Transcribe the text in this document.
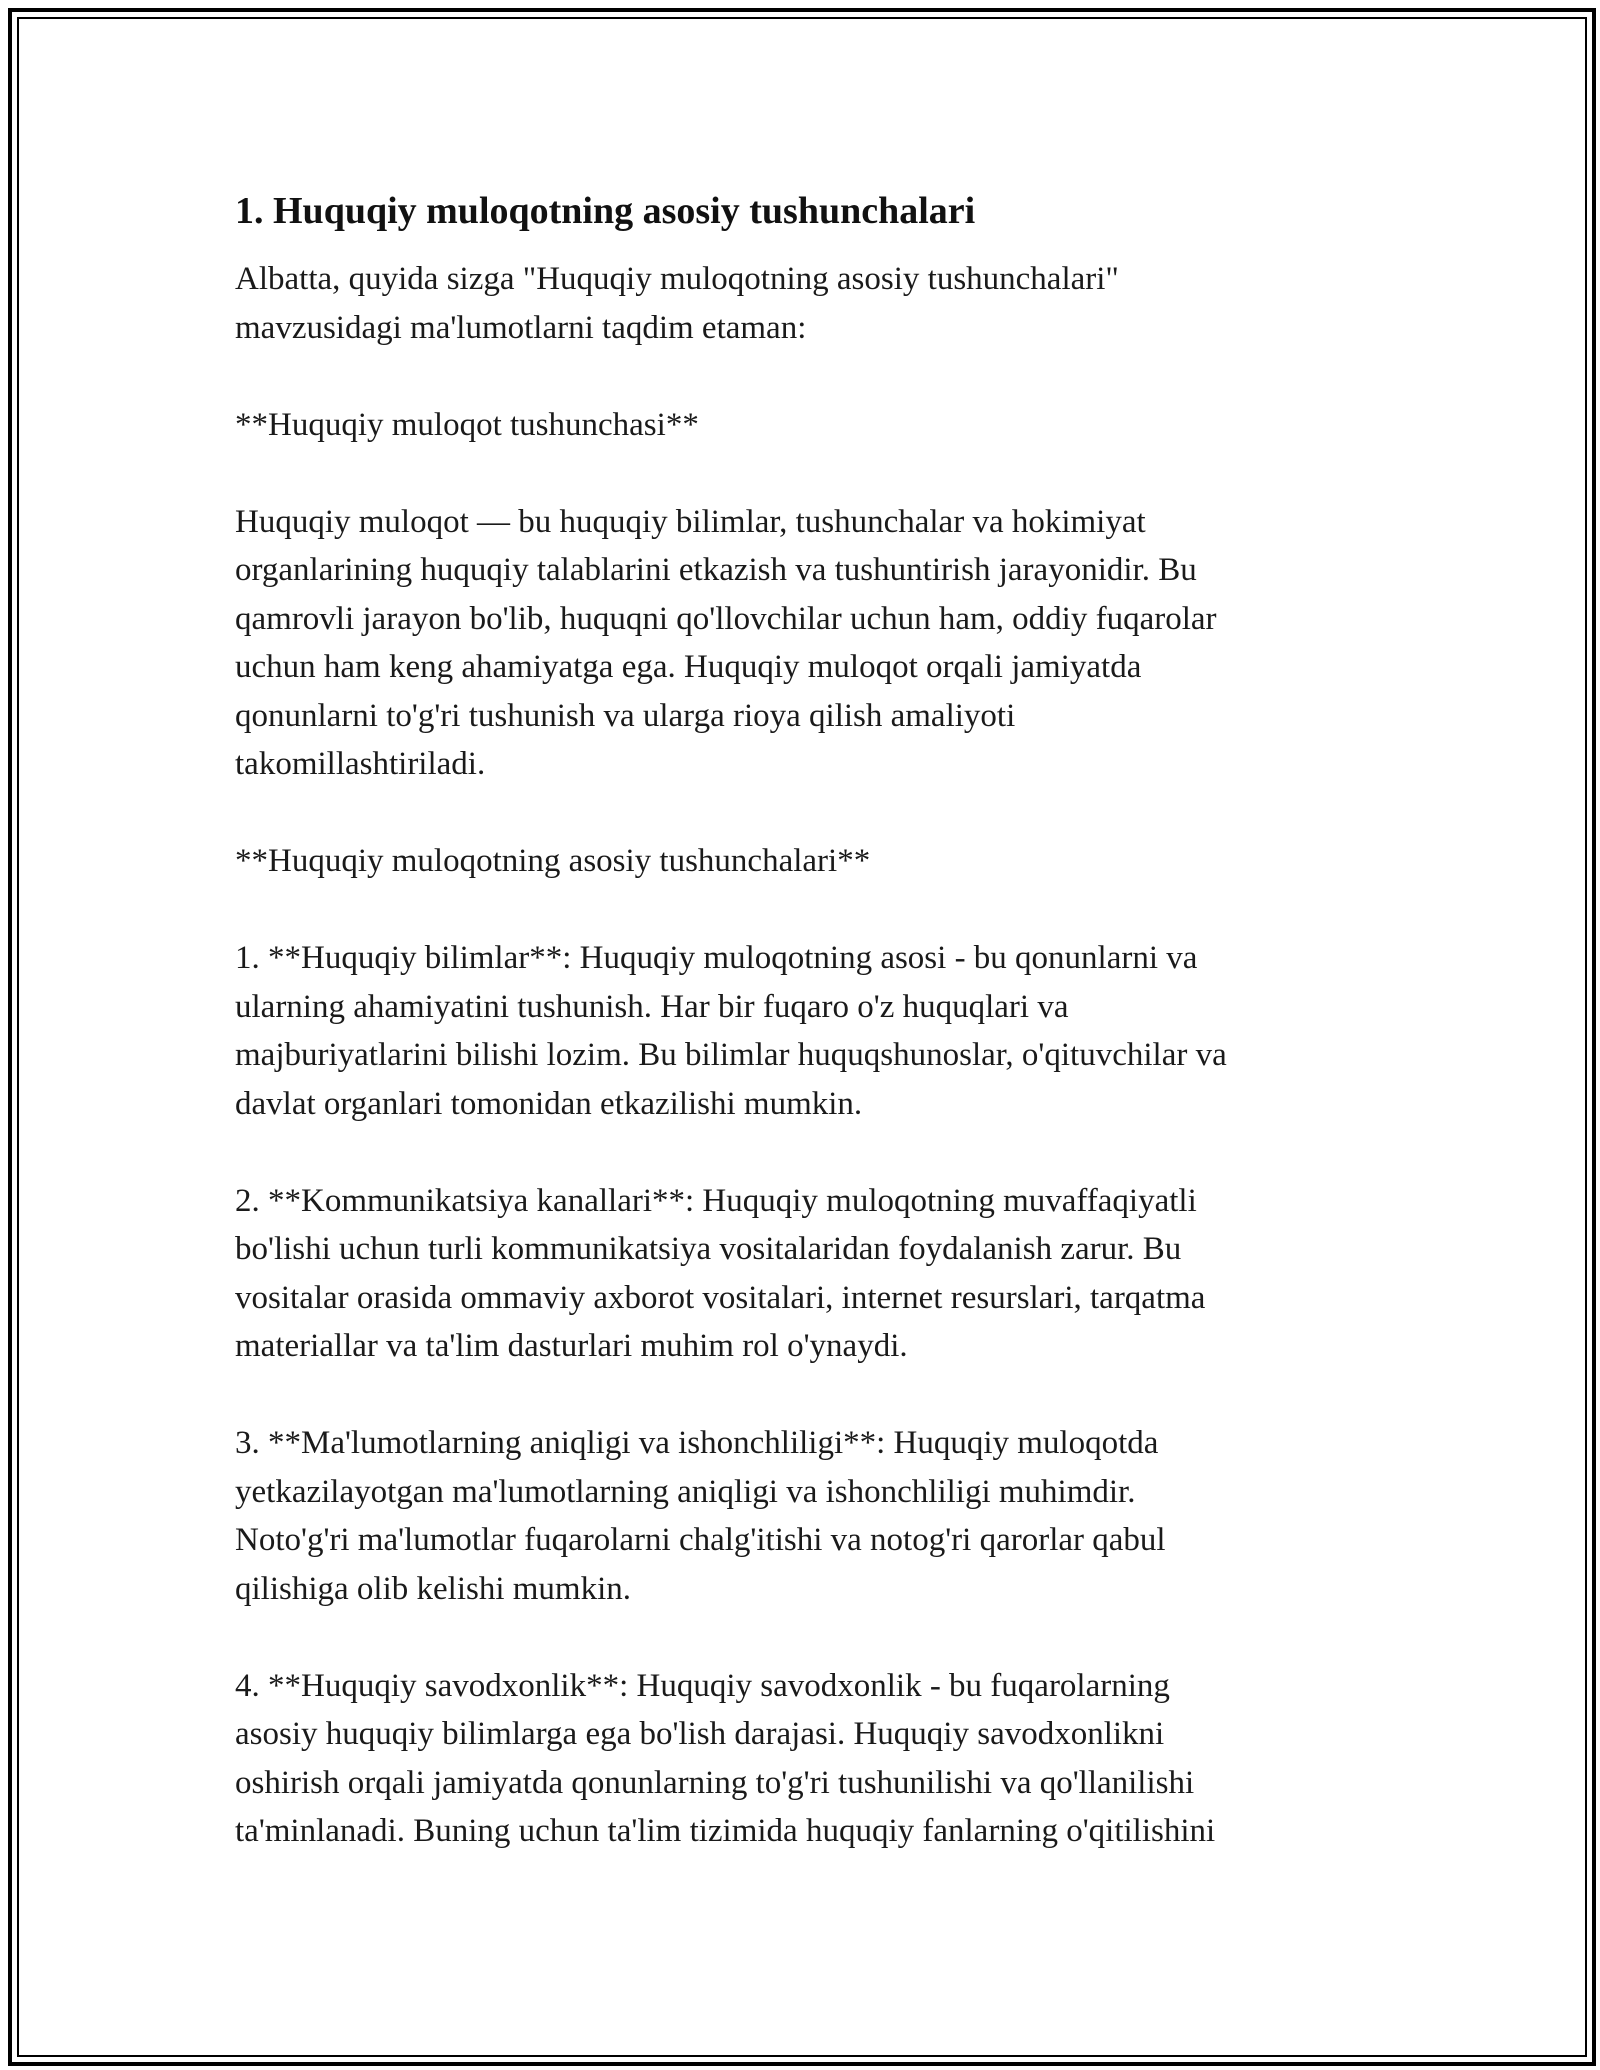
1. Huquqiy muloqotning asosiy tushunchalari

Albatta, quyida sizga "Huquqiy muloqotning asosiy tushunchalari"
mavzusidagi ma'lumotlarni taqdim etaman:

**Huquqiy muloqot tushunchasi**

Huquqiy muloqot — bu huquqiy bilimlar, tushunchalar va hokimiyat
organlarining huquqiy talablarini etkazish va tushuntirish jarayonidir. Bu
qamrovli jarayon bo'lib, huquqni qo'llovchilar uchun ham, oddiy fuqarolar
uchun ham keng ahamiyatga ega. Huquqiy muloqot orqali jamiyatda
qonunlarni to'g'ri tushunish va ularga rioya qilish amaliyoti
takomillashtiriladi.

**Huquqiy muloqotning asosiy tushunchalari**

1. **Huquqiy bilimlar**: Huquqiy muloqotning asosi - bu qonunlarni va
ularning ahamiyatini tushunish. Har bir fuqaro o'z huquqlari va
majburiyatlarini bilishi lozim. Bu bilimlar huquqshunoslar, o'qituvchilar va
davlat organlari tomonidan etkazilishi mumkin.

2. **Kommunikatsiya kanallari**: Huquqiy muloqotning muvaffaqiyatli
bo'lishi uchun turli kommunikatsiya vositalaridan foydalanish zarur. Bu
vositalar orasida ommaviy axborot vositalari, internet resurslari, tarqatma
materiallar va ta'lim dasturlari muhim rol o'ynaydi.

3. **Ma'lumotlarning aniqligi va ishonchliligi**: Huquqiy muloqotda
yetkazilayotgan ma'lumotlarning aniqligi va ishonchliligi muhimdir.
Noto'g'ri ma'lumotlar fuqarolarni chalg'itishi va notog'ri qarorlar qabul
qilishiga olib kelishi mumkin.

4. **Huquqiy savodxonlik**: Huquqiy savodxonlik - bu fuqarolarning
asosiy huquqiy bilimlarga ega bo'lish darajasi. Huquqiy savodxonlikni
oshirish orqali jamiyatda qonunlarning to'g'ri tushunilishi va qo'llanilishi
ta'minlanadi. Buning uchun ta'lim tizimida huquqiy fanlarning o'qitilishini
